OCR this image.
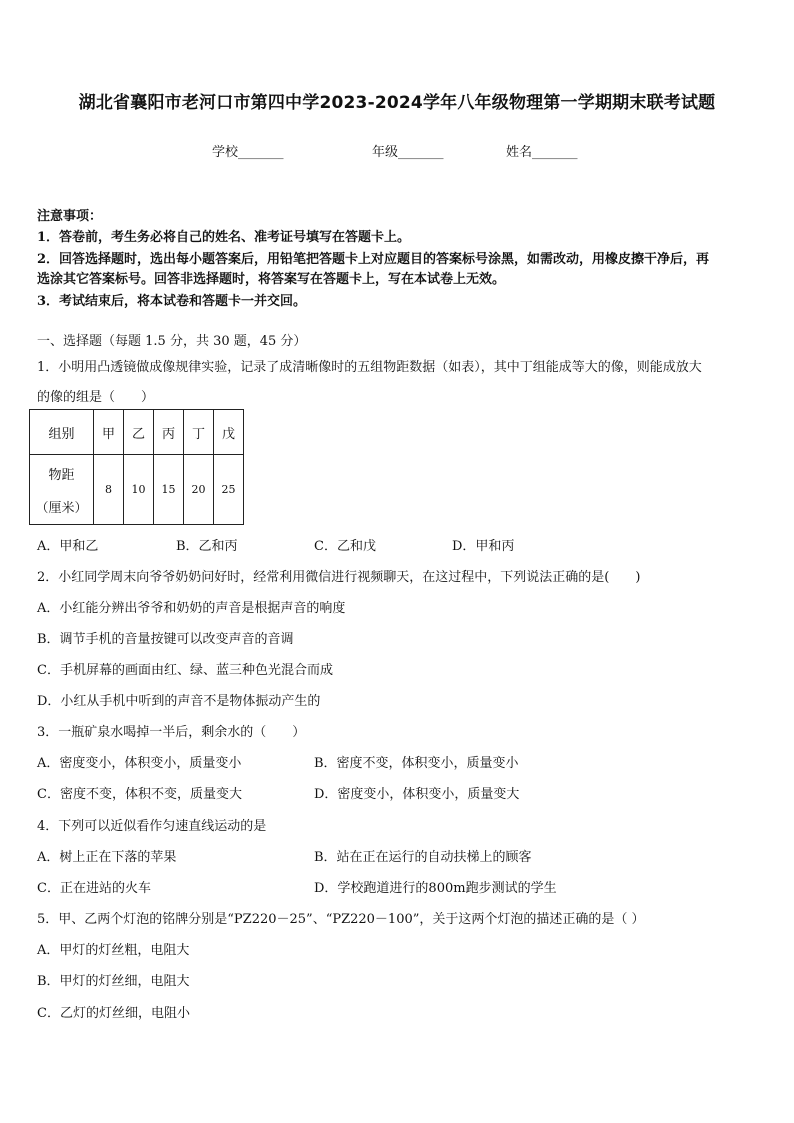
湖北省襄阳市老河口市第四中学2023-2024学年八年级物理第一学期期末联考试题
学校_______	年级_______	姓名_______
注意事项：
1．答卷前，考生务必将自己的姓名、准考证号填写在答题卡上。
2．回答选择题时，选出每小题答案后，用铅笔把答题卡上对应题目的答案标号涂黑，如需改动，用橡皮擦干净后，再
选涂其它答案标号。回答非选择题时，将答案写在答题卡上，写在本试卷上无效。
3．考试结束后，将本试卷和答题卡一并交回。
一、选择题（每题 1.5 分，共 30 题，45 分）
1．小明用凸透镜做成像规律实验，记录了成清晰像时的五组物距数据（如表），其中丁组能成等大的像，则能成放大
的像的组是（　　）
组别	甲	乙	丙	丁	戊

物距
（厘米）	8	10	15	20	25
A．甲和乙	B．乙和丙	C．乙和戊	D．甲和丙
2．小红同学周末向爷爷奶奶问好时，经常利用微信进行视频聊天，在这过程中，下列说法正确的是(　　)
A．小红能分辨出爷爷和奶奶的声音是根据声音的响度
B．调节手机的音量按键可以改变声音的音调
C．手机屏幕的画面由红、绿、蓝三种色光混合而成
D．小红从手机中听到的声音不是物体振动产生的
3．一瓶矿泉水喝掉一半后，剩余水的（　　）
A．密度变小，体积变小，质量变小	B．密度不变，体积变小，质量变小
C．密度不变，体积不变，质量变大	D．密度变小，体积变小，质量变大
4．下列可以近似看作匀速直线运动的是
A．树上正在下落的苹果	B．站在正在运行的自动扶梯上的顾客
C．正在进站的火车	D．学校跑道进行的800m跑步测试的学生
5．甲、乙两个灯泡的铭牌分别是“PZ220－25”、“PZ220－100”，关于这两个灯泡的描述正确的是（ ）
A．甲灯的灯丝粗，电阻大
B．甲灯的灯丝细，电阻大
C．乙灯的灯丝细，电阻小
